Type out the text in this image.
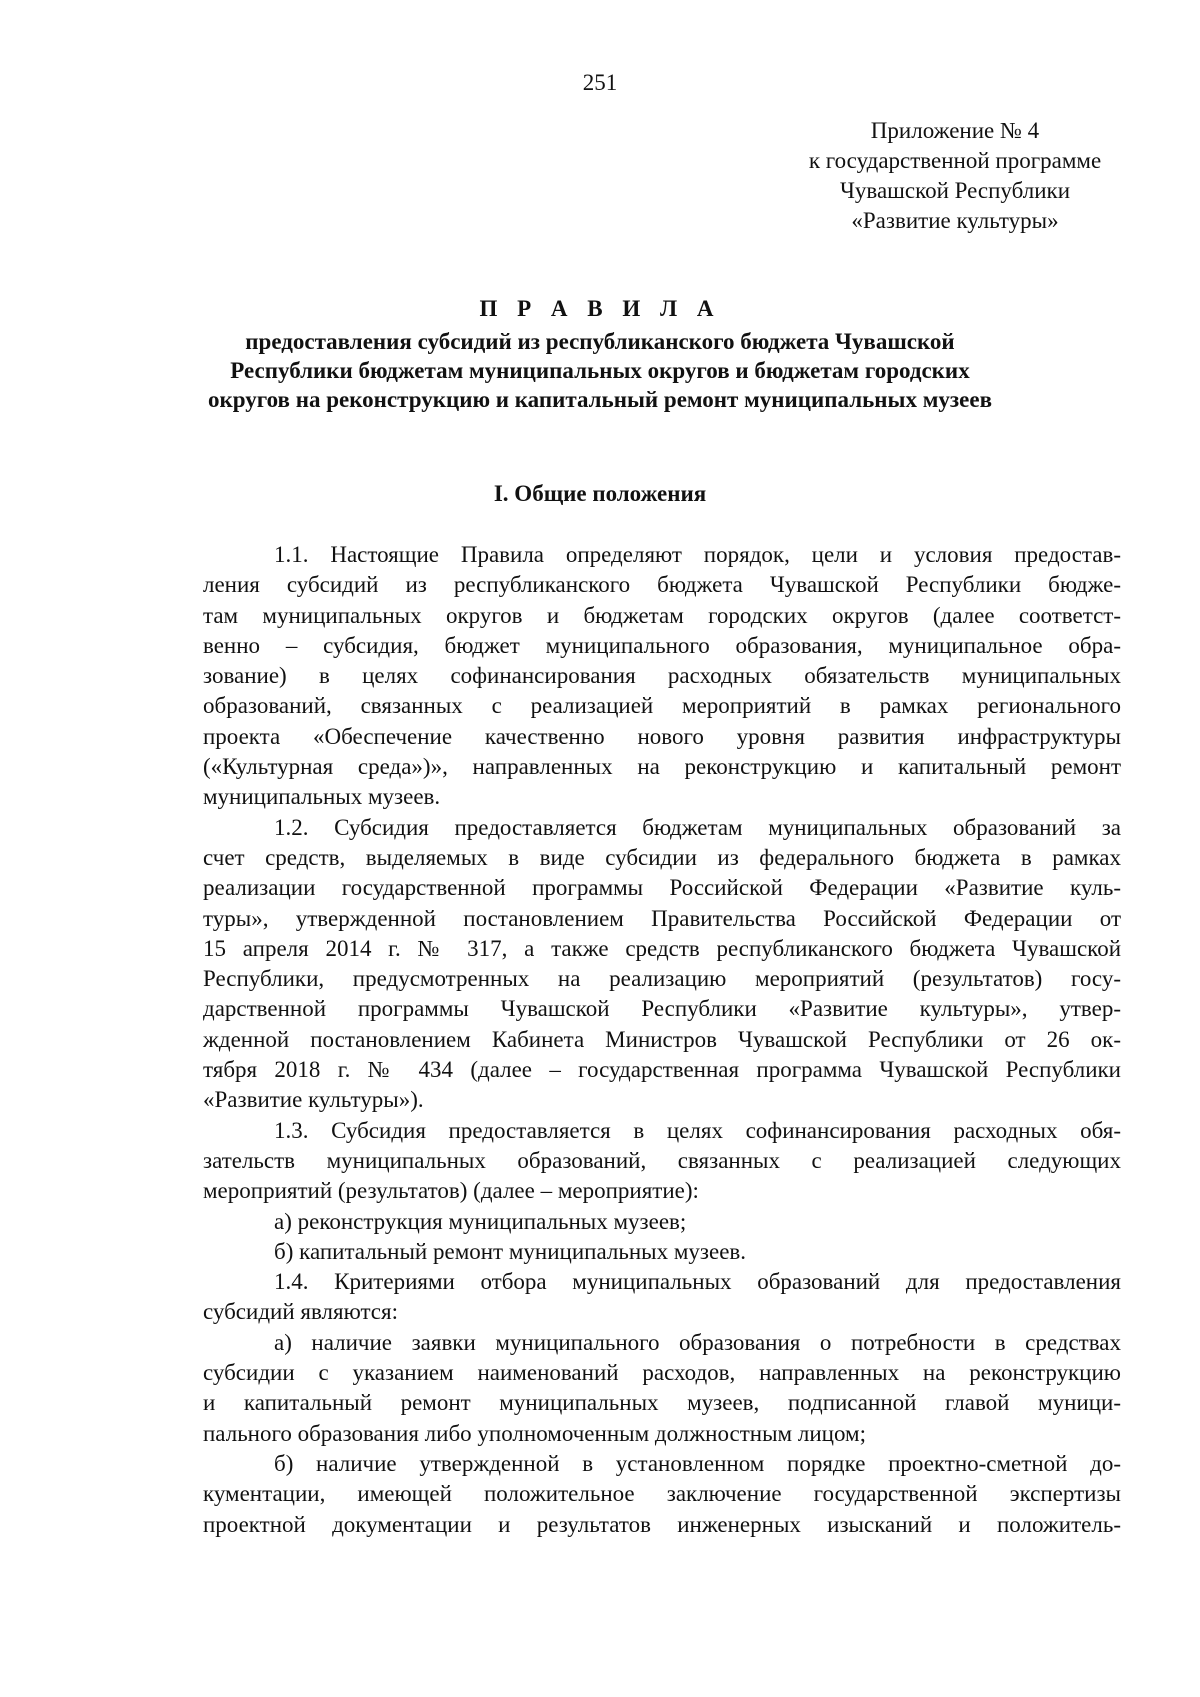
251
Приложение № 4
к государственной программе
Чувашской Республики
«Развитие культуры»
П Р А В И Л А
предоставления субсидий из республиканского бюджета Чувашской
Республики бюджетам муниципальных округов и бюджетам городских
округов на реконструкцию и капитальный ремонт муниципальных музеев
I. Общие положения
1.1. Настоящие Правила определяют порядок, цели и условия предостав-
ления субсидий из республиканского бюджета Чувашской Республики бюдже-
там муниципальных округов и бюджетам городских округов (далее соответст-
венно – субсидия, бюджет муниципального образования, муниципальное обра-
зование) в целях софинансирования расходных обязательств муниципальных
образований, связанных с реализацией мероприятий в рамках регионального
проекта «Обеспечение качественно нового уровня развития инфраструктуры
(«Культурная среда»)», направленных на реконструкцию и капитальный ремонт
муниципальных музеев.
1.2. Субсидия предоставляется бюджетам муниципальных образований за
счет средств, выделяемых в виде субсидии из федерального бюджета в рамках
реализации государственной программы Российской Федерации «Развитие куль-
туры», утвержденной постановлением Правительства Российской Федерации от
15 апреля 2014 г. № 317, а также средств республиканского бюджета Чувашской
Республики, предусмотренных на реализацию мероприятий (результатов) госу-
дарственной программы Чувашской Республики «Развитие культуры», утвер-
жденной постановлением Кабинета Министров Чувашской Республики от 26 ок-
тября 2018 г. № 434 (далее – государственная программа Чувашской Республики
«Развитие культуры»).
1.3. Субсидия предоставляется в целях софинансирования расходных обя-
зательств муниципальных образований, связанных с реализацией следующих
мероприятий (результатов) (далее – мероприятие):
а) реконструкция муниципальных музеев;
б) капитальный ремонт муниципальных музеев.
1.4. Критериями отбора муниципальных образований для предоставления
субсидий являются:
а) наличие заявки муниципального образования о потребности в средствах
субсидии с указанием наименований расходов, направленных на реконструкцию
и капитальный ремонт муниципальных музеев, подписанной главой муници-
пального образования либо уполномоченным должностным лицом;
б) наличие утвержденной в установленном порядке проектно-сметной до-
кументации, имеющей положительное заключение государственной экспертизы
проектной документации и результатов инженерных изысканий и положитель-
